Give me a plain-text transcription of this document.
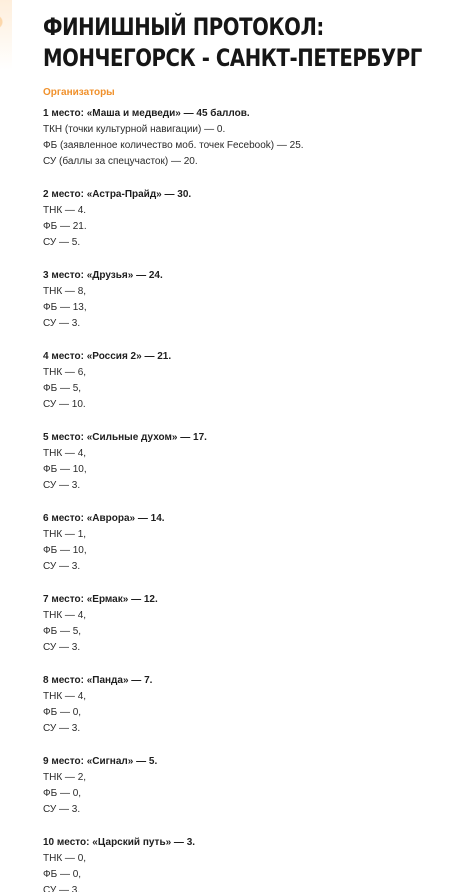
ФИНИШНЫЙ ПРОТОКОЛ: МОНЧЕГОРСК - САНКТ-ПЕТЕРБУРГ
Организаторы
1 место: «Маша и медведи» — 45 баллов.
ТКН (точки культурной навигации) — 0.
ФБ (заявленное количество моб. точек Fecebook) — 25.
СУ (баллы за спецучасток) — 20.
2 место: «Астра-Прайд» — 30.
ТНК — 4.
ФБ — 21.
СУ — 5.
3 место: «Друзья» — 24.
ТНК — 8,
ФБ — 13,
СУ — 3.
4 место: «Россия 2» — 21.
ТНК — 6,
ФБ — 5,
СУ — 10.
5 место: «Сильные духом» — 17.
ТНК — 4,
ФБ — 10,
СУ — 3.
6 место: «Аврора» — 14.
ТНК — 1,
ФБ — 10,
СУ — 3.
7 место: «Ермак» — 12.
ТНК — 4,
ФБ — 5,
СУ — 3.
8 место: «Панда» — 7.
ТНК — 4,
ФБ — 0,
СУ — 3.
9 место: «Сигнал» — 5.
ТНК — 2,
ФБ — 0,
СУ — 3.
10 место: «Царский путь» — 3.
ТНК — 0,
ФБ — 0,
СУ — 3.
